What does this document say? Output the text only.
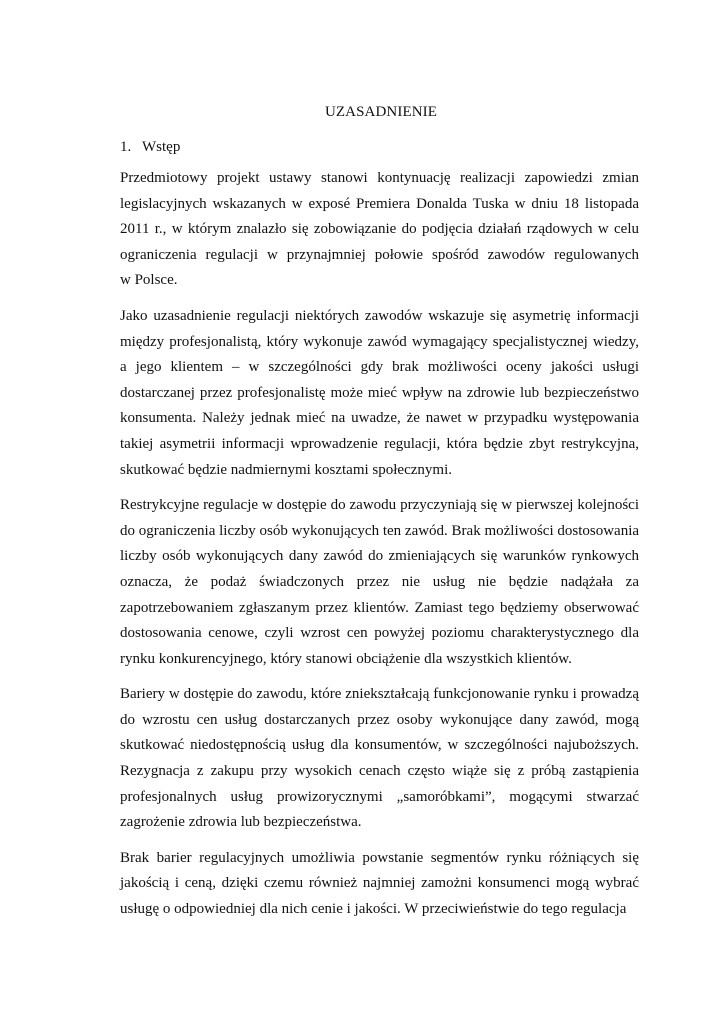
UZASADNIENIE
1. Wstęp

Przedmiotowy projekt ustawy stanowi kontynuację realizacji zapowiedzi zmian
legislacyjnych wskazanych w exposé Premiera Donalda Tuska w dniu 18 listopada
2011 r., w którym znalazło się zobowiązanie do podjęcia działań rządowych w celu
ograniczenia regulacji w przynajmniej połowie spośród zawodów regulowanych
w Polsce.

Jako uzasadnienie regulacji niektórych zawodów wskazuje się asymetrię informacji
między profesjonalistą, który wykonuje zawód wymagający specjalistycznej wiedzy,
a jego klientem – w szczególności gdy brak możliwości oceny jakości usługi
dostarczanej przez profesjonalistę może mieć wpływ na zdrowie lub bezpieczeństwo
konsumenta. Należy jednak mieć na uwadze, że nawet w przypadku występowania
takiej asymetrii informacji wprowadzenie regulacji, która będzie zbyt restrykcyjna,
skutkować będzie nadmiernymi kosztami społecznymi.

Restrykcyjne regulacje w dostępie do zawodu przyczyniają się w pierwszej kolejności
do ograniczenia liczby osób wykonujących ten zawód. Brak możliwości dostosowania
liczby osób wykonujących dany zawód do zmieniających się warunków rynkowych
oznacza, że podaż świadczonych przez nie usług nie będzie nadążała za
zapotrzebowaniem zgłaszanym przez klientów. Zamiast tego będziemy obserwować
dostosowania cenowe, czyli wzrost cen powyżej poziomu charakterystycznego dla
rynku konkurencyjnego, który stanowi obciążenie dla wszystkich klientów.

Bariery w dostępie do zawodu, które zniekształcają funkcjonowanie rynku i prowadzą
do wzrostu cen usług dostarczanych przez osoby wykonujące dany zawód, mogą
skutkować niedostępnością usług dla konsumentów, w szczególności najuboższych.
Rezygnacja z zakupu przy wysokich cenach często wiąże się z próbą zastąpienia
profesjonalnych usług prowizorycznymi „samoróbkami”, mogącymi stwarzać
zagrożenie zdrowia lub bezpieczeństwa.

Brak barier regulacyjnych umożliwia powstanie segmentów rynku różniących się
jakością i ceną, dzięki czemu również najmniej zamożni konsumenci mogą wybrać
usługę o odpowiedniej dla nich cenie i jakości. W przeciwieństwie do tego regulacja
